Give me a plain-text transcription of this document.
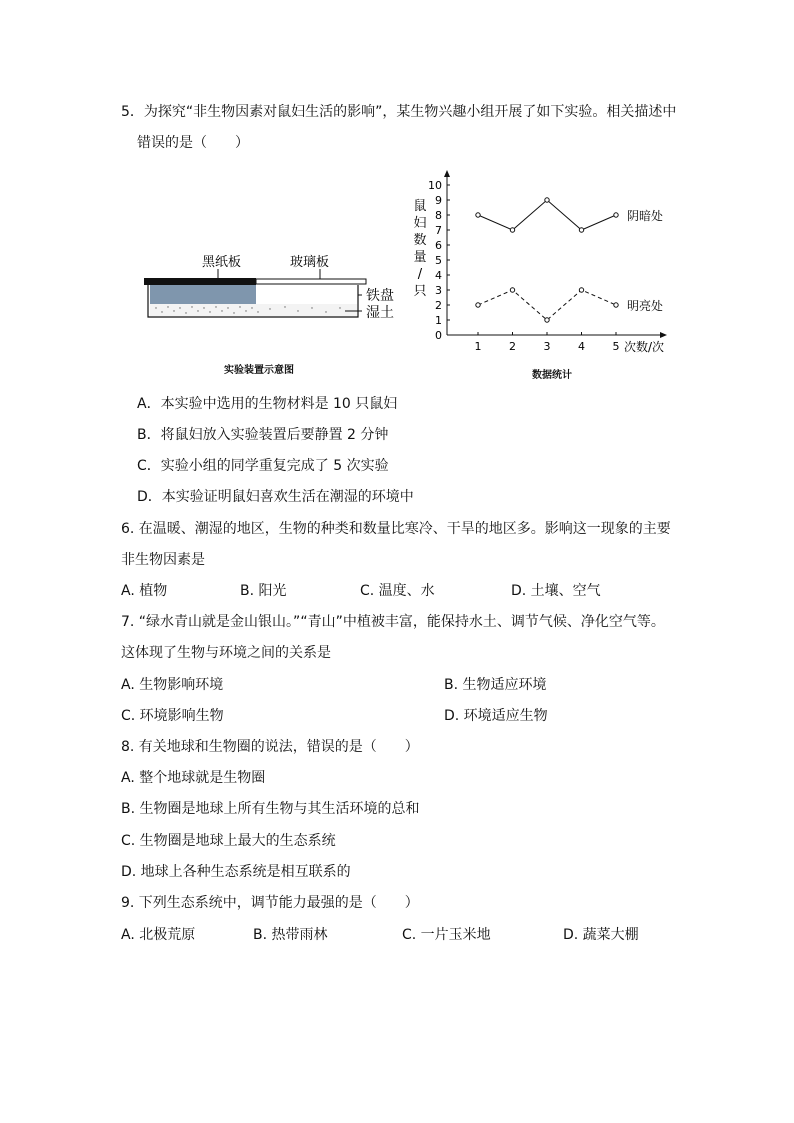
5．为探究“非生物因素对鼠妇生活的影响”，某生物兴趣小组开展了如下实验。相关描述中
错误的是（　　）
黑纸板	玻璃板
铁盘
湿土
实验装置示意图
0
1
2
3
4
5
6
7
8
9
10
1	2	3	4	5 次数/次
鼠
妇
数
量
/
只
阴暗处
明亮处
数据统计
A．本实验中选用的生物材料是 10 只鼠妇
B．将鼠妇放入实验装置后要静置 2 分钟
C．实验小组的同学重复完成了 5 次实验
D．本实验证明鼠妇喜欢生活在潮湿的环境中
6. 在温暖、潮湿的地区，生物的种类和数量比寒冷、干旱的地区多。影响这一现象的主要
非生物因素是
A. 植物	B. 阳光	C. 温度、水	D. 土壤、空气
7. “绿水青山就是金山银山。”“青山”中植被丰富，能保持水土、调节气候、净化空气等。
这体现了生物与环境之间的关系是
A. 生物影响环境	B. 生物适应环境
C. 环境影响生物	D. 环境适应生物
8. 有关地球和生物圈的说法，错误的是（　　）
A. 整个地球就是生物圈
B. 生物圈是地球上所有生物与其生活环境的总和
C. 生物圈是地球上最大的生态系统
D. 地球上各种生态系统是相互联系的
9. 下列生态系统中，调节能力最强的是（　　）
A. 北极荒原	B. 热带雨林	C. 一片玉米地	D. 蔬菜大棚
